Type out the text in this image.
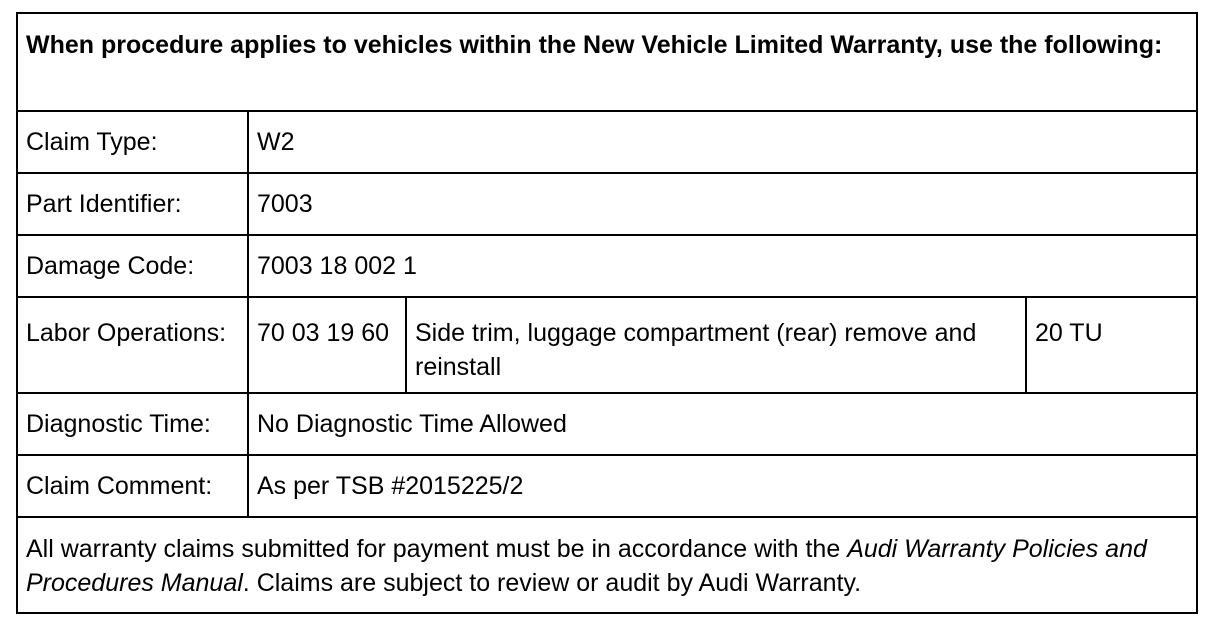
When procedure applies to vehicles within the New Vehicle Limited Warranty, use the following:			
Claim Type:	W2		
Part Identifier:	7003		
Damage Code:	7003 18 002 1		
Labor Operations:	70 03 19 60	Side trim, luggage compartment (rear) remove and reinstall	20 TU
Diagnostic Time:	No Diagnostic Time Allowed		
Claim Comment:	As per TSB #2015225/2		
All warranty claims submitted for payment must be in accordance with the Audi Warranty Policies and Procedures Manual. Claims are subject to review or audit by Audi Warranty.			
